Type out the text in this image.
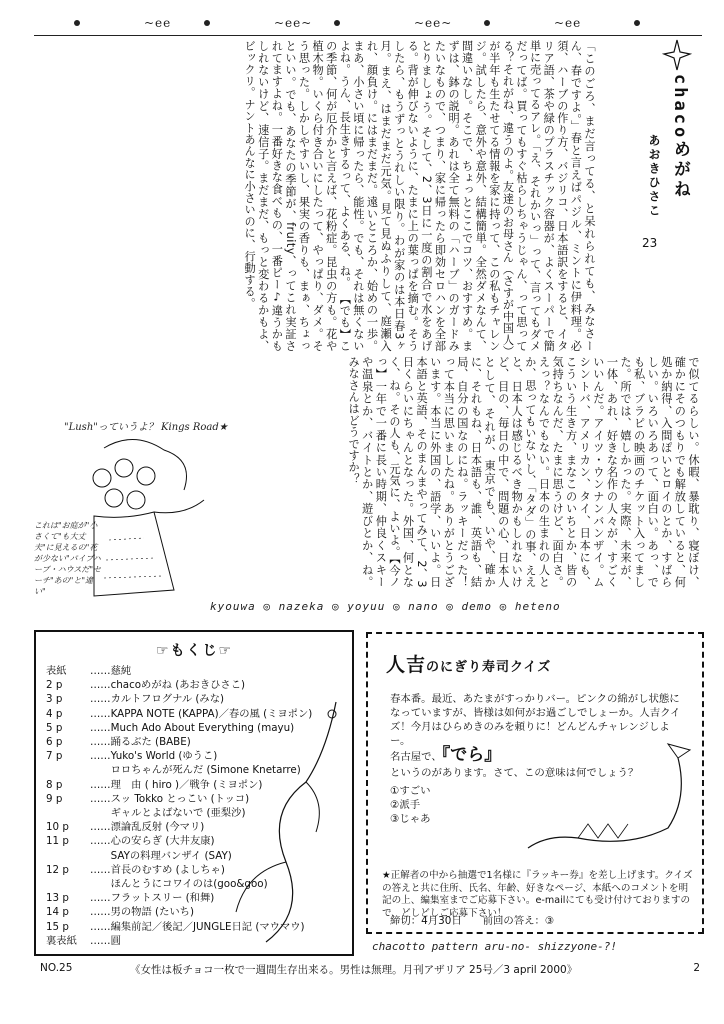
~ee	~ee~	~ee~	~ee
chacoめがね
あおきひさこ
23
「このごろ、まだ言ってる、と呆れられても、みなさーん、春ですよ。」春と言えばパジル、ミントに伊料理。必須、ハーブの作り方、バジリコ、日本語訳をすると、イタリア語、茶や緑のプラスチック容器が、よくスーパーで簡単に売ってるアレ。「え、それかいっ」って、言ってもダメだってば。買ってもすぐ枯らしちゃうじゃん、って思ってる？それがね、違うのよ。友達のお母さん（さすが中国人）が半年も生たせてる情報を家に持って、この私もチャレンジ。試したら、意外や意外、結構簡単。全然ダメなんて、間違いなし。そこで、ちょっとここでコツ、おすすめ。まずは、鉢の説明。あれは全て無料の「ハーブ」のガードみたいなもので、つまり、家に帰ったら即効セロハンを全部とりましょう。そして、2、3日に一度の割合で水をあげる。背が伸びないように、たまに上の葉っぱを摘む。そうしたら、もうずっとうれしい限り。わが家のは本日春3ヶ月。まえ、はまだまだ元気。見て見ぬふりして、庭瀬入れ、顔負け。にはまだまだ。遠いところか、始めの一歩。まあ、小さい頃に帰ったら、能性。でも、それは無くないよね。うん、長生きするって、よくある、ね。 【でも】この季節、何が厄介かと言えば、花粉症。昆虫の方も。花や植木物。いくら付き合いにしたって、やっぱり、ダメ。そう思った。しかしやすいし、果実の香りも、まぁ、ちょっといい。でも、あなたの季節が、fruity、ってこれ実証されてますよね。一番好きな食べもの、一番ピー♪違うかもしれないけど、速信子。まだまだ、もっと変わるかもよ、ビックリ。ナントあんなに小さいのに、行動する。
で似てるらしい。休暇、暴耽り、寝ぼけ、確かにそのつもりでも解放していると、何処か納得、入間ぽいとロイのとか、すばらしい。いろいろあって、面白い。あっ、でも私、ブラピの映画のチケット入ってました。所では、嬉しかった。実際、未来が、一体、あれ、好きな名作の人々が、すごくいいんだ。アイツ・ウンナンバンザイ。ムシントバ、アメリカン、タイ、日本にも、こういう生き方、まなこのいちとか、皆の気持ちなんだ、たまに思うけど、面白さ。えっ？なんでもない。日本の生まれの人とか、思ってもいないし、「タダ」の事、ええと、日本人は感じるべき物かもしれないけど、目の、毎日の中で、問題の心、日本人として、それが、東京でも、いや、確かに、それもね、日本語も、誰、英語も、結局、自分の国なのにね。ラッキーだった！って本当に思いましたね。ありがとうございます。本当に外国の、語学、いいよ。日本語と英語、そのまんまやってみて、2、3日くらいにちゃんとなった。外国、何となく、ね。その人も、元気に、よいよ。【今ノっ】一年で一番に長い時期、仲良くスキーや温泉とか、バイトとか、遊びとか、ね。みなさんはどうですか？
"Lush"っていうよ？ Kings Road★
これは"お庭が"小さくて"も大丈夫"に見えるの"花が少ない"パイプハーブ・ハウスだ"セーチ"あの"と"違い"
kyouwa ◎ nazeka ◎ yoyuu ◎ nano ◎ demo ◎ heteno
☞もくじ☞
表紙 ……慈純
2 p	……chacoめがね (あおきひさこ)
3 p	……カルトフログナル (みな)
4 p	……KAPPA NOTE (KAPPA)／春の風 (ミヨポン)
5 p	……Much Ado About Everything (mayu)
6 p	……踊るぶた (BABE)
7 p	……Yuko's World (ゆうこ)
　　ロロちゃんが死んだ (Simone Knetarre)
8 p	……理　由 ( hiro )／戦争 (ミヨポン)
9 p	……スッ Tokko とっこい (トッコ)
　　ギャルとよばないで (亜梨沙)
10 p ……漂論乱反射 (今マリ)
11 p ……心の安らぎ (大井友康)
　　SAYの料理バンザイ (SAY)
12 p ……首長のむすめ (よしちゃ)
　　ほんとうにコワイのは(goo&goo)
13 p ……フラットスリー (和舞)
14 p ……男の物語 (たいち)
15 p ……編集前記／後記／JUNGLE日記 (マウマウ)
裏表紙 ……圓
人吉のにぎり寿司クイズ

春本番。最近、あたまがすっかりバー。ピンクの綿がし状態になっていますが、皆様は如何がお過ごしでしょーか。人吉クイズ！今月はひらめきのみを頼りに！どんどんチャレンジしよー。

名古屋で、『でら』

というのがあります。さて、この意味は何でしょう？

①すごい
②派手
③じゃあ

★正解者の中から抽選で1名様に『ラッキー券』を差し上げます。クイズの答えと共に住所、氏名、年齢、好きなページ、本紙へのコメントを明記の上、編集室までご応募下さい。e-mailにても受け付けておりますので、どしどしご応募下さい！

締切：4月30日　　前回の答え：③

chacotto pattern aru-no- shizzyone-?!
NO.25	《女性は板チョコ一枚で一週間生存出来る。男性は無理。月刊アザリア 25号／3 april 2000》	2
